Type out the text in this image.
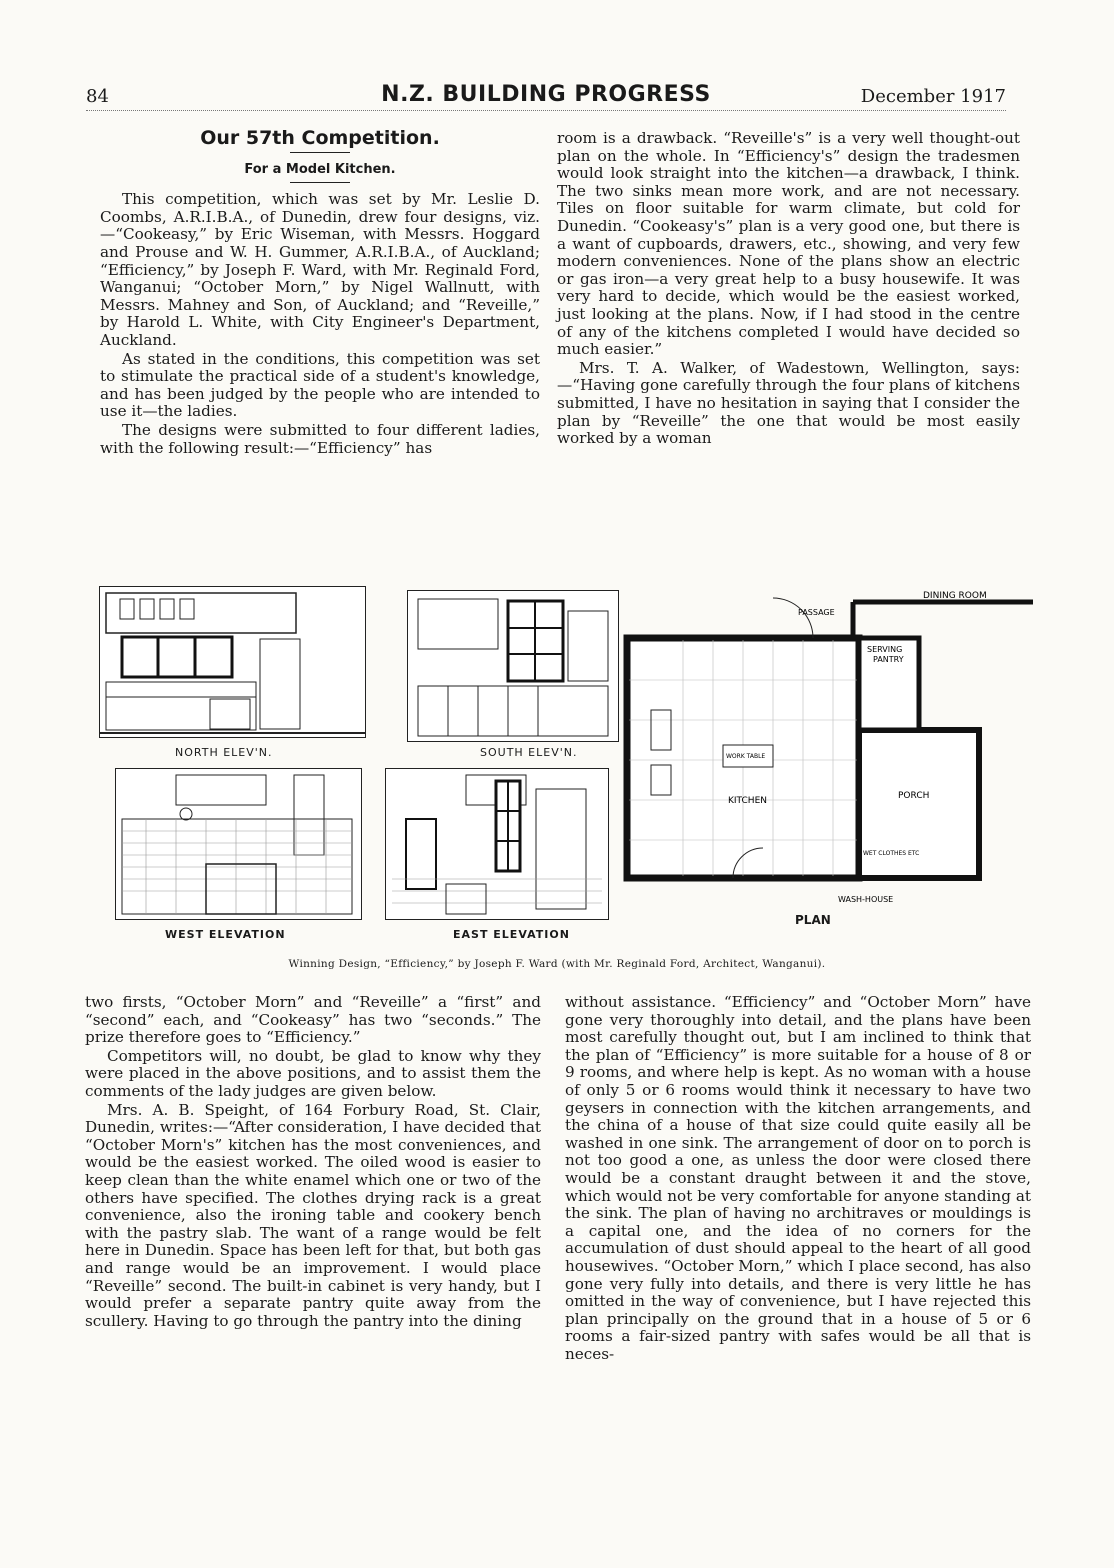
84	N.Z. BUILDING PROGRESS	December 1917

Our 57th Competition.

For a Model Kitchen.

This competition, which was set by Mr. Leslie D. Coombs, A.R.I.B.A., of Dunedin, drew four designs, viz.—“Cookeasy,” by Eric Wiseman, with Messrs. Hoggard and Prouse and W. H. Gummer, A.R.I.B.A., of Auckland; “Efficiency,” by Joseph F. Ward, with Mr. Reginald Ford, Wanganui; “October Morn,” by Nigel Wallnutt, with Messrs. Mahney and Son, of Auckland; and “Reveille,” by Harold L. White, with City Engineer's Department, Auckland.

As stated in the conditions, this competition was set to stimulate the practical side of a student's knowledge, and has been judged by the people who are intended to use it—the ladies.

The designs were submitted to four different ladies, with the following result:—“Efficiency” has

room is a drawback. “Reveille's” is a very well thought-out plan on the whole. In “Efficiency's” design the tradesmen would look straight into the kitchen—a drawback, I think. The two sinks mean more work, and are not necessary. Tiles on floor suitable for warm climate, but cold for Dunedin. “Cookeasy's” plan is a very good one, but there is a want of cupboards, drawers, etc., showing, and very few modern conveniences. None of the plans show an electric or gas iron—a very great help to a busy housewife. It was very hard to decide, which would be the easiest worked, just looking at the plans. Now, if I had stood in the centre of any of the kitchens completed I would have decided so much easier.”

Mrs. T. A. Walker, of Wadestown, Wellington, says:—“Having gone carefully through the four plans of kitchens submitted, I have no hesitation in saying that I consider the plan by “Reveille” the one that would be most easily worked by a woman

NORTH ELEV'N.	SOUTH ELEV'N.
WEST ELEVATION	EAST ELEVATION
DINING ROOM
PASSAGE
SERVING
PANTRY
KITCHEN
WORK TABLE
PORCH
WET CLOTHES ETC
WASH-HOUSE
PLAN
Winning Design, “Efficiency,” by Joseph F. Ward (with Mr. Reginald Ford, Architect, Wanganui).

two firsts, “October Morn” and “Reveille” a “first” and “second” each, and “Cookeasy” has two “seconds.” The prize therefore goes to “Efficiency.”

Competitors will, no doubt, be glad to know why they were placed in the above positions, and to assist them the comments of the lady judges are given below.

Mrs. A. B. Speight, of 164 Forbury Road, St. Clair, Dunedin, writes:—“After consideration, I have decided that “October Morn's” kitchen has the most conveniences, and would be the easiest worked. The oiled wood is easier to keep clean than the white enamel which one or two of the others have specified. The clothes drying rack is a great convenience, also the ironing table and cookery bench with the pastry slab. The want of a range would be felt here in Dunedin. Space has been left for that, but both gas and range would be an improvement. I would place “Reveille” second. The built-in cabinet is very handy, but I would prefer a separate pantry quite away from the scullery. Having to go through the pantry into the dining

without assistance. “Efficiency” and “October Morn” have gone very thoroughly into detail, and the plans have been most carefully thought out, but I am inclined to think that the plan of “Efficiency” is more suitable for a house of 8 or 9 rooms, and where help is kept. As no woman with a house of only 5 or 6 rooms would think it necessary to have two geysers in connection with the kitchen arrangements, and the china of a house of that size could quite easily all be washed in one sink. The arrangement of door on to porch is not too good a one, as unless the door were closed there would be a constant draught between it and the stove, which would not be very comfortable for anyone standing at the sink. The plan of having no architraves or mouldings is a capital one, and the idea of no corners for the accumulation of dust should appeal to the heart of all good housewives. “October Morn,” which I place second, has also gone very fully into details, and there is very little he has omitted in the way of convenience, but I have rejected this plan principally on the ground that in a house of 5 or 6 rooms a fair-sized pantry with safes would be all that is neces-
